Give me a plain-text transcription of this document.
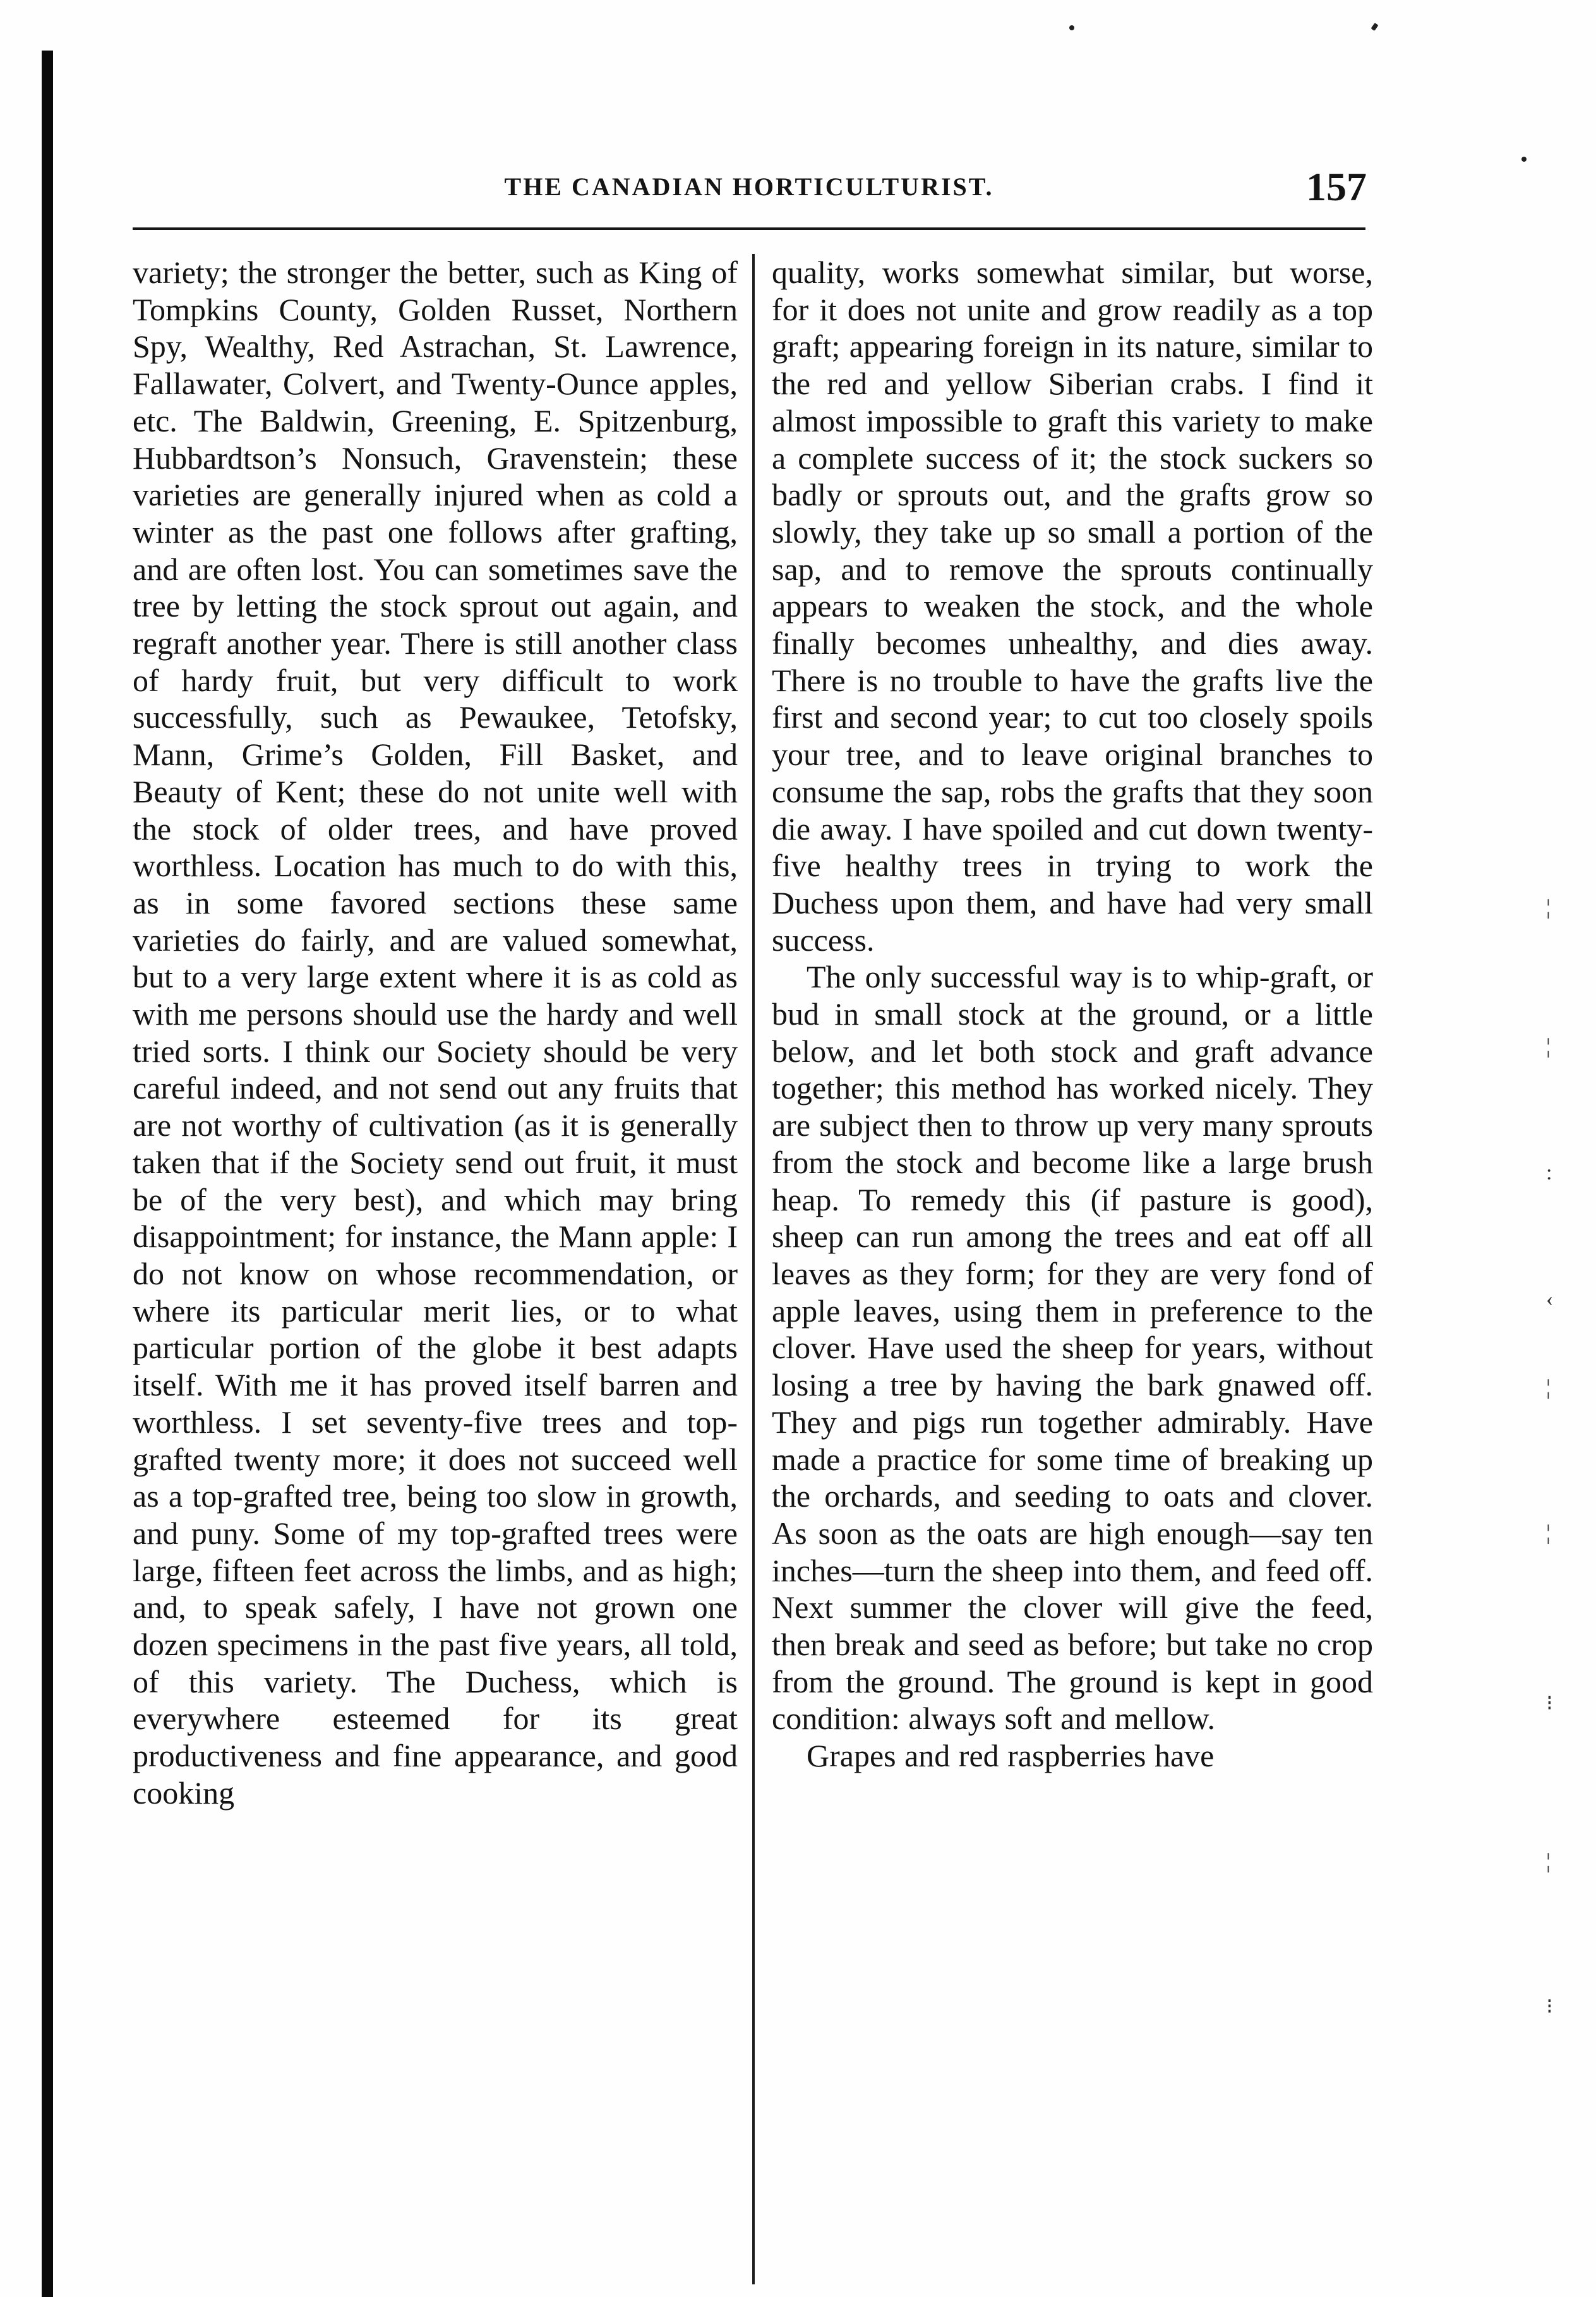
THE CANADIAN HORTICULTURIST.	157

variety; the stronger the better, such as King of Tompkins County, Golden Russet, Northern Spy, Wealthy, Red Astrachan, St. Lawrence, Fallawater, Colvert, and Twenty-Ounce apples, etc. The Baldwin, Greening, E. Spitzenburg, Hubbardtson’s Nonsuch, Gravenstein; these varieties are generally injured when as cold a winter as the past one follows after grafting, and are often lost. You can sometimes save the tree by letting the stock sprout out again, and regraft another year. There is still another class of hardy fruit, but very difficult to work successfully, such as Pewaukee, Tetofsky, Mann, Grime’s Golden, Fill Basket, and Beauty of Kent; these do not unite well with the stock of older trees, and have proved worthless. Location has much to do with this, as in some favored sections these same varieties do fairly, and are valued somewhat, but to a very large extent where it is as cold as with me persons should use the hardy and well tried sorts. I think our Society should be very careful indeed, and not send out any fruits that are not worthy of cultivation (as it is generally taken that if the Society send out fruit, it must be of the very best), and which may bring disappointment; for instance, the Mann apple: I do not know on whose recommendation, or where its particular merit lies, or to what particular portion of the globe it best adapts itself. With me it has proved itself barren and worthless. I set seventy-five trees and top-grafted twenty more; it does not succeed well as a top-grafted tree, being too slow in growth, and puny. Some of my top-grafted trees were large, fifteen feet across the limbs, and as high; and, to speak safely, I have not grown one dozen specimens in the past five years, all told, of this variety. The Duchess, which is everywhere esteemed for its great productiveness and fine appearance, and good cooking

quality, works somewhat similar, but worse, for it does not unite and grow readily as a top graft; appearing foreign in its nature, similar to the red and yellow Siberian crabs. I find it almost impossible to graft this variety to make a complete success of it; the stock suckers so badly or sprouts out, and the grafts grow so slowly, they take up so small a portion of the sap, and to remove the sprouts continually appears to weaken the stock, and the whole finally becomes unhealthy, and dies away. There is no trouble to have the grafts live the first and second year; to cut too closely spoils your tree, and to leave original branches to consume the sap, robs the grafts that they soon die away. I have spoiled and cut down twenty-five healthy trees in trying to work the Duchess upon them, and have had very small success.

The only successful way is to whip-graft, or bud in small stock at the ground, or a little below, and let both stock and graft advance together; this method has worked nicely. They are subject then to throw up very many sprouts from the stock and become like a large brush heap. To remedy this (if pasture is good), sheep can run among the trees and eat off all leaves as they form; for they are very fond of apple leaves, using them in preference to the clover. Have used the sheep for years, without losing a tree by having the bark gnawed off. They and pigs run together admirably. Have made a practice for some time of breaking up the orchards, and seeding to oats and clover. As soon as the oats are high enough—say ten inches—turn the sheep into them, and feed off. Next summer the clover will give the feed, then break and seed as before; but take no crop from the ground. The ground is kept in good condition: always soft and mellow.

Grapes and red raspberries have

¦
¦
:
‹
¦
¦
⁝
¦
⁝
